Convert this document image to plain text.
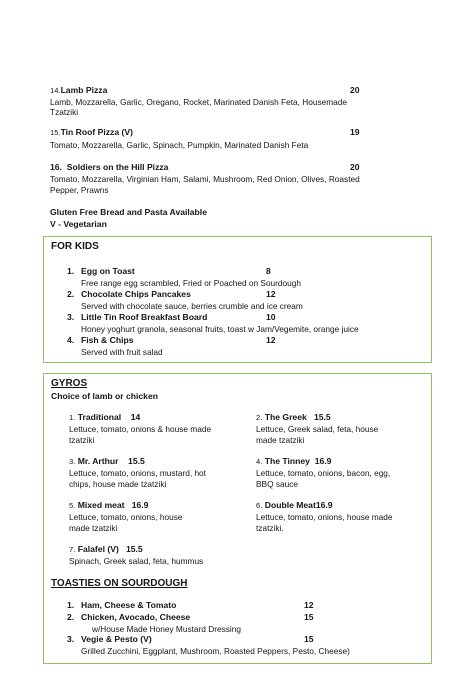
14.Lamb Pizza	20
Lamb, Mozzarella, Garlic, Oregano, Rocket, Marinated Danish Feta, Housemade
Tzatziki
15.Tin Roof Pizza (V)	19
Tomato, Mozzarella, Garlic, Spinach, Pumpkin, Marinated Danish Feta
16. Soldiers on the Hill Pizza	20
Tomato, Mozzarella, Virginian Ham, Salami, Mushroom, Red Onion, Olives, Roasted
Pepper, Prawns
Gluten Free Bread and Pasta Available
V - Vegetarian
FOR KIDS
1. Egg on Toast	8
Free range egg scrambled, Fried or Poached on Sourdough
2. Chocolate Chips Pancakes	12
Served with chocolate sauce, berries crumble and ice cream
3. Little Tin Roof Breakfast Board	10
Honey yoghurt granola, seasonal fruits, toast w Jam/Vegemite, orange juice
4. Fish & Chips	12
Served with fruit salad
GYROS
Choice of lamb or chicken
1. Traditional 14
Lettuce, tomato, onions & house made
tzatziki
2. The Greek 15.5
Lettuce, Greek salad, feta, house
made tzatziki
3. Mr. Arthur 15.5
Lettuce, tomato, onions, mustard, hot
chips, house made tzatziki
4. The Tinney 16.9
Lettuce, tomato, onions, bacon, egg,
BBQ sauce
5. Mixed meat 16.9
Lettuce, tomato, onions, house
made tzatziki
6. Double Meat16.9
Lettuce, tomato, onions, house made
tzatziki.
7. Falafel (V) 15.5
Spinach, Greek salad, feta, hummus
TOASTIES ON SOURDOUGH
1. Ham, Cheese & Tomato	12
2. Chicken, Avocado, Cheese	15
w/House Made Honey Mustard Dressing
3. Vegie & Pesto (V)	15
Grilled Zucchini, Eggplant, Mushroom, Roasted Peppers, Pesto, Cheese)
